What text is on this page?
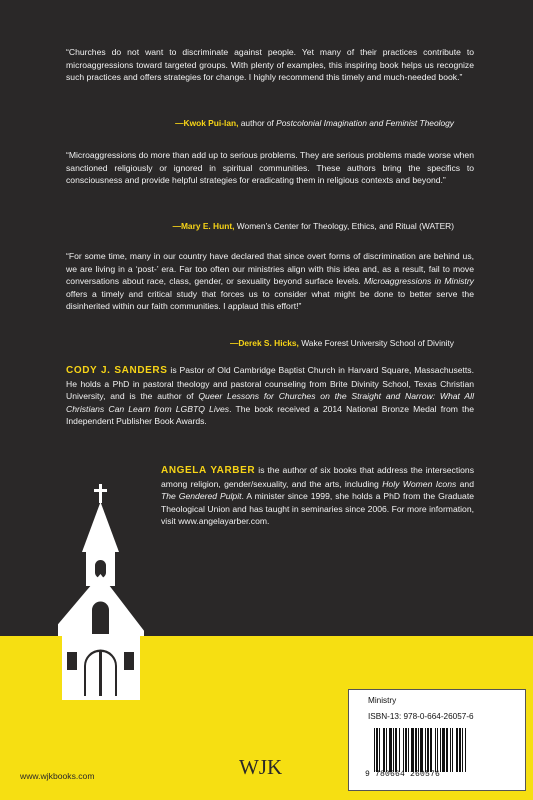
“Churches do not want to discriminate against people. Yet many of their practices contribute to microaggressions toward targeted groups. With plenty of examples, this inspiring book helps us recognize such practices and offers strategies for change. I highly recommend this timely and much-needed book.”

—Kwok Pui-lan, author of Postcolonial Imagination and Feminist Theology

“Microaggressions do more than add up to serious problems. They are serious problems made worse when sanctioned religiously or ignored in spiritual communities. These authors bring the specifics to consciousness and provide helpful strategies for eradicating them in religious contexts and beyond.”

—Mary E. Hunt, Women’s Center for Theology, Ethics, and Ritual (WATER)

“For some time, many in our country have declared that since overt forms of discrimination are behind us, we are living in a ‘post-’ era. Far too often our ministries align with this idea and, as a result, fail to move conversations about race, class, gender, or sexuality beyond surface levels. Microaggressions in Ministry offers a timely and critical study that forces us to consider what might be done to better serve the disinherited within our faith communities. I applaud this effort!”

—Derek S. Hicks, Wake Forest University School of Divinity
CODY J. SANDERS is Pastor of Old Cambridge Baptist Church in Harvard Square, Massachusetts. He holds a PhD in pastoral theology and pastoral counseling from Brite Divinity School, Texas Christian University, and is the author of Queer Lessons for Churches on the Straight and Narrow: What All Christians Can Learn from LGBTQ Lives. The book received a 2014 National Bronze Medal from the Independent Publisher Book Awards.
ANGELA YARBER is the author of six books that address the intersections among religion, gender/sexuality, and the arts, including Holy Women Icons and The Gendered Pulpit. A minister since 1999, she holds a PhD from the Graduate Theological Union and has taught in seminaries since 2006. For more information, visit www.angelayarber.com.
Ministry
ISBN-13: 978-0-664-26057-6
9 780664 260576
www.wjkbooks.com	WJK
